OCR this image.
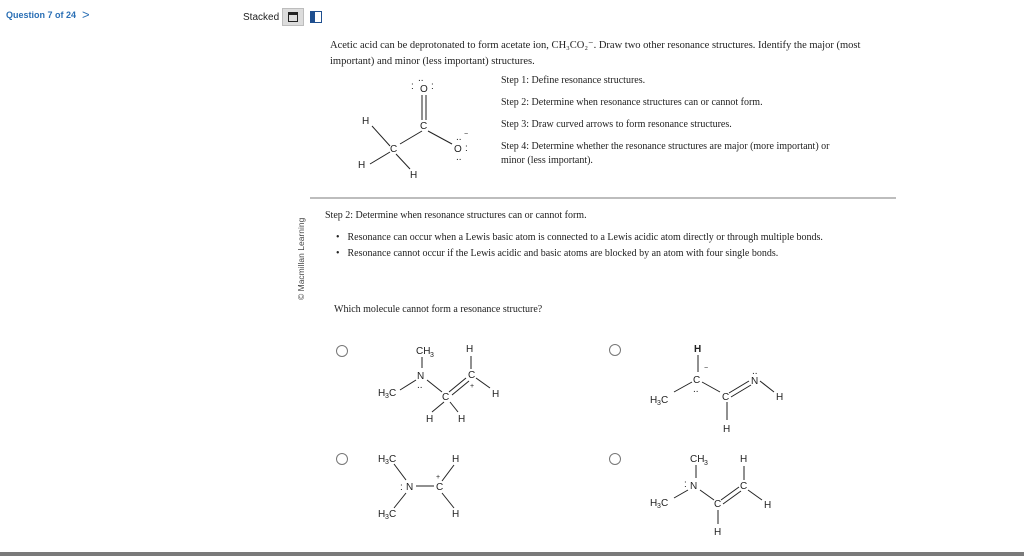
Question 7 of 24 >	Stacked
Acetic acid can be deprotonated to form acetate ion, CH₃CO₂⁻. Draw two other resonance structures. Identify the major (most
important) and minor (less important) structures.
O
..
: :
C
C	O
..
..
:
−
H
H
H
Step 1: Define resonance structures.
Step 2: Determine when resonance structures can or cannot form.
Step 3: Draw curved arrows to form resonance structures.
Step 4: Determine whether the resonance structures are major (more important) or
minor (less important).
© Macmillan Learning
Step 2: Determine when resonance structures can or cannot form.
• Resonance can occur when a Lewis basic atom is connected to a Lewis acidic atom directly or through multiple bonds.
• Resonance cannot occur if the Lewis acidic and basic atoms are blocked by an atom with four single bonds.
Which molecule cannot form a resonance structure?
CH 3
H
N
..
H 3 C	C
C
+
H
H H
H
−
C
..
H 3 C	C
N
..
H
H
H 3 C
: N C
+
H
H
H 3 C
CH 3	H
: N
H 3 C	C
C
H
H
